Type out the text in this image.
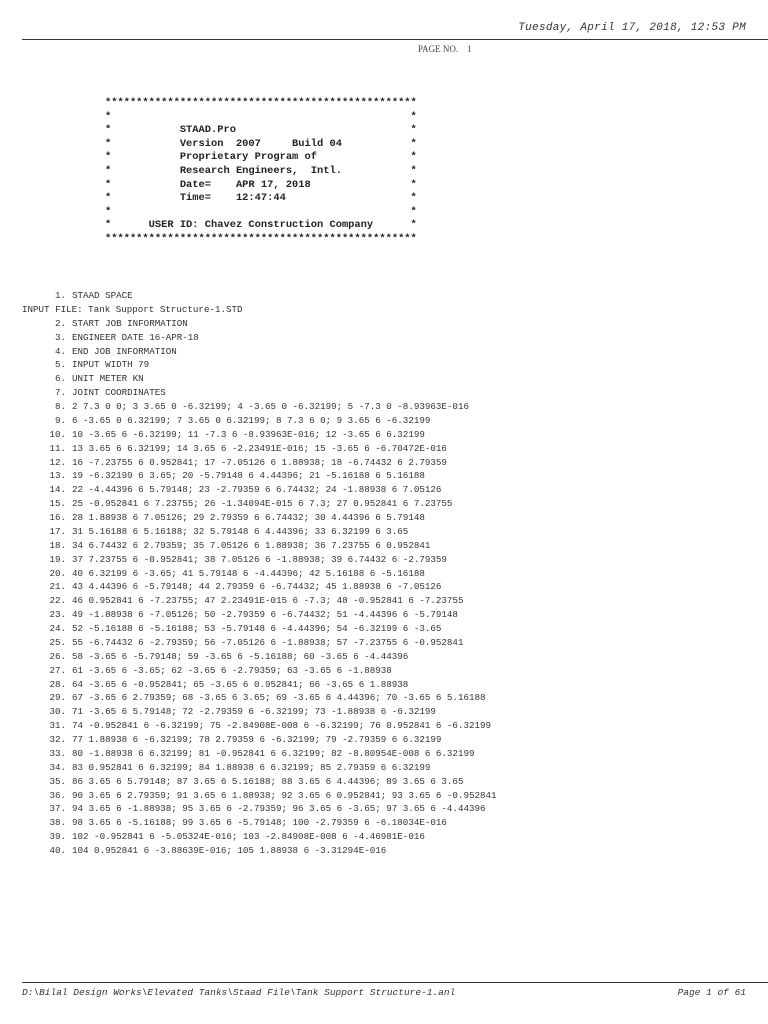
Tuesday, April 17, 2018, 12:53 PM
PAGE NO.    1
**************************************************
*                                                *
*           STAAD.Pro                            *
*           Version  2007     Build 04           *
*           Proprietary Program of               *
*           Research Engineers,  Intl.           *
*           Date=    APR 17, 2018                *
*           Time=    12:47:44                    *
*                                                *
*      USER ID: Chavez Construction Company      *
**************************************************
1. STAAD SPACE
INPUT FILE: Tank Support Structure-1.STD
2. START JOB INFORMATION
3. ENGINEER DATE 16-APR-18
4. END JOB INFORMATION
5. INPUT WIDTH 79
6. UNIT METER KN
7. JOINT COORDINATES
8. 2 7.3 0 0; 3 3.65 0 -6.32199; 4 -3.65 0 -6.32199; 5 -7.3 0 -8.93963E-016
9. 6 -3.65 0 6.32199; 7 3.65 0 6.32199; 8 7.3 6 0; 9 3.65 6 -6.32199
10. 10 -3.65 6 -6.32199; 11 -7.3 6 -8.93963E-016; 12 -3.65 6 6.32199
11. 13 3.65 6 6.32199; 14 3.65 6 -2.23491E-016; 15 -3.65 6 -6.70472E-016
12. 16 -7.23755 6 0.952841; 17 -7.05126 6 1.88938; 18 -6.74432 6 2.79359
13. 19 -6.32199 6 3.65; 20 -5.79148 6 4.44396; 21 -5.16188 6 5.16188
14. 22 -4.44396 6 5.79148; 23 -2.79359 6 6.74432; 24 -1.88938 6 7.05126
15. 25 -0.952841 6 7.23755; 26 -1.34094E-015 6 7.3; 27 0.952841 6 7.23755
16. 28 1.88938 6 7.05126; 29 2.79359 6 6.74432; 30 4.44396 6 5.79148
17. 31 5.16188 6 5.16188; 32 5.79148 6 4.44396; 33 6.32199 6 3.65
18. 34 6.74432 6 2.79359; 35 7.05126 6 1.88938; 36 7.23755 6 0.952841
19. 37 7.23755 6 -0.952841; 38 7.05126 6 -1.88938; 39 6.74432 6 -2.79359
20. 40 6.32199 6 -3.65; 41 5.79148 6 -4.44396; 42 5.16188 6 -5.16188
21. 43 4.44396 6 -5.79148; 44 2.79359 6 -6.74432; 45 1.88938 6 -7.05126
22. 46 0.952841 6 -7.23755; 47 2.23491E-015 6 -7.3; 48 -0.952841 6 -7.23755
23. 49 -1.88938 6 -7.05126; 50 -2.79359 6 -6.74432; 51 -4.44396 6 -5.79148
24. 52 -5.16188 6 -5.16188; 53 -5.79148 6 -4.44396; 54 -6.32199 6 -3.65
25. 55 -6.74432 6 -2.79359; 56 -7.05126 6 -1.88938; 57 -7.23755 6 -0.952841
26. 58 -3.65 6 -5.79148; 59 -3.65 6 -5.16188; 60 -3.65 6 -4.44396
27. 61 -3.65 6 -3.65; 62 -3.65 6 -2.79359; 63 -3.65 6 -1.88938
28. 64 -3.65 6 -0.952841; 65 -3.65 6 0.952841; 66 -3.65 6 1.88938
29. 67 -3.65 6 2.79359; 68 -3.65 6 3.65; 69 -3.65 6 4.44396; 70 -3.65 6 5.16188
30. 71 -3.65 6 5.79148; 72 -2.79359 6 -6.32199; 73 -1.88938 6 -6.32199
31. 74 -0.952841 6 -6.32199; 75 -2.84908E-008 6 -6.32199; 76 0.952841 6 -6.32199
32. 77 1.88938 6 -6.32199; 78 2.79359 6 -6.32199; 79 -2.79359 6 6.32199
33. 80 -1.88938 6 6.32199; 81 -0.952841 6 6.32199; 82 -8.80954E-008 6 6.32199
34. 83 0.952841 6 6.32199; 84 1.88938 6 6.32199; 85 2.79359 6 6.32199
35. 86 3.65 6 5.79148; 87 3.65 6 5.16188; 88 3.65 6 4.44396; 89 3.65 6 3.65
36. 90 3.65 6 2.79359; 91 3.65 6 1.88938; 92 3.65 6 0.952841; 93 3.65 6 -0.952841
37. 94 3.65 6 -1.88938; 95 3.65 6 -2.79359; 96 3.65 6 -3.65; 97 3.65 6 -4.44396
38. 98 3.65 6 -5.16188; 99 3.65 6 -5.79148; 100 -2.79359 6 -6.18034E-016
39. 102 -0.952841 6 -5.05324E-016; 103 -2.84908E-008 6 -4.46981E-016
40. 104 0.952841 6 -3.88639E-016; 105 1.88938 6 -3.31294E-016
D:\Bilal Design Works\Elevated Tanks\Staad File\Tank Support Structure-1.anl	Page 1 of 61
